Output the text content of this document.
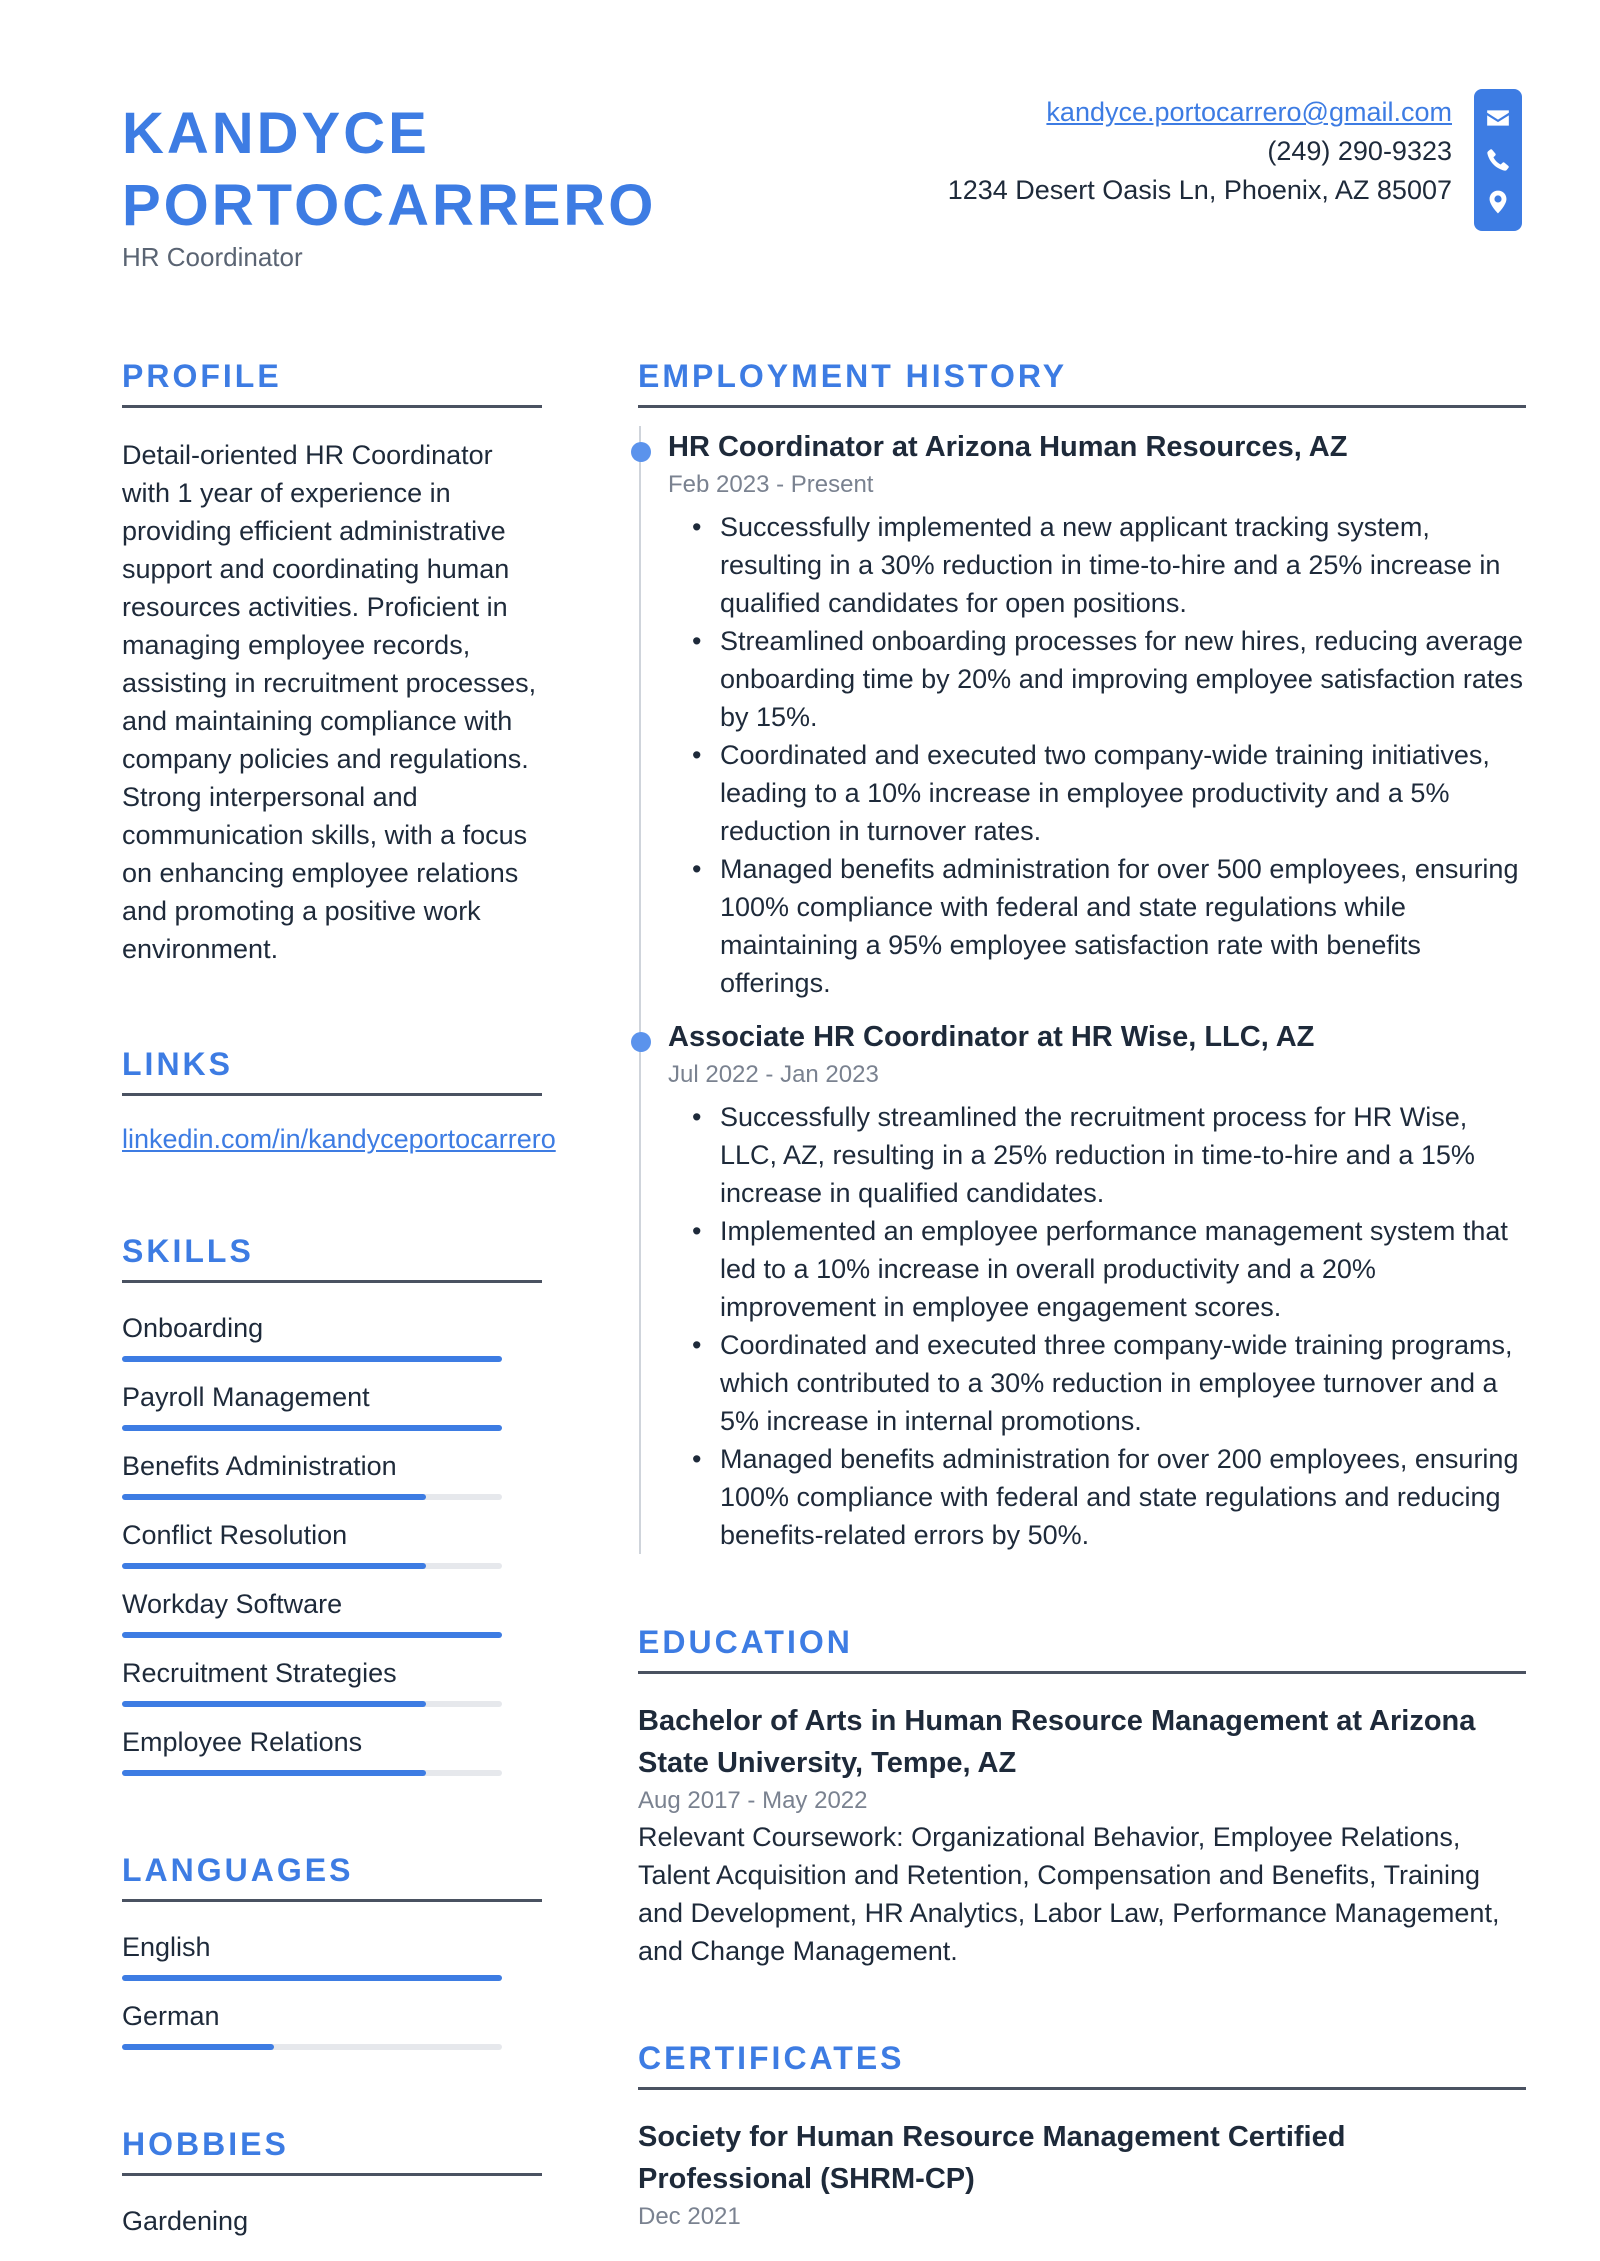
KANDYCE
PORTOCARRERO
HR Coordinator
kandyce.portocarrero@gmail.com
(249) 290-9323
1234 Desert Oasis Ln, Phoenix, AZ 85007
PROFILE
Detail-oriented HR Coordinator with 1 year of experience in providing efficient administrative support and coordinating human resources activities. Proficient in managing employee records, assisting in recruitment processes, and maintaining compliance with company policies and regulations. Strong interpersonal and communication skills, with a focus on enhancing employee relations and promoting a positive work environment.
LINKS
linkedin.com/in/kandyceportocarrero
SKILLS
Onboarding
Payroll Management
Benefits Administration
Conflict Resolution
Workday Software
Recruitment Strategies
Employee Relations
LANGUAGES
English
German
HOBBIES
Gardening
EMPLOYMENT HISTORY
HR Coordinator at Arizona Human Resources, AZ
Feb 2023 - Present
• Successfully implemented a new applicant tracking system, resulting in a 30% reduction in time-to-hire and a 25% increase in qualified candidates for open positions.
• Streamlined onboarding processes for new hires, reducing average onboarding time by 20% and improving employee satisfaction rates by 15%.
• Coordinated and executed two company-wide training initiatives, leading to a 10% increase in employee productivity and a 5% reduction in turnover rates.
• Managed benefits administration for over 500 employees, ensuring 100% compliance with federal and state regulations while maintaining a 95% employee satisfaction rate with benefits offerings.
Associate HR Coordinator at HR Wise, LLC, AZ
Jul 2022 - Jan 2023
• Successfully streamlined the recruitment process for HR Wise, LLC, AZ, resulting in a 25% reduction in time-to-hire and a 15% increase in qualified candidates.
• Implemented an employee performance management system that led to a 10% increase in overall productivity and a 20% improvement in employee engagement scores.
• Coordinated and executed three company-wide training programs, which contributed to a 30% reduction in employee turnover and a 5% increase in internal promotions.
• Managed benefits administration for over 200 employees, ensuring 100% compliance with federal and state regulations and reducing benefits-related errors by 50%.
EDUCATION
Bachelor of Arts in Human Resource Management at Arizona State University, Tempe, AZ
Aug 2017 - May 2022
Relevant Coursework: Organizational Behavior, Employee Relations, Talent Acquisition and Retention, Compensation and Benefits, Training and Development, HR Analytics, Labor Law, Performance Management, and Change Management.
CERTIFICATES
Society for Human Resource Management Certified Professional (SHRM-CP)
Dec 2021
